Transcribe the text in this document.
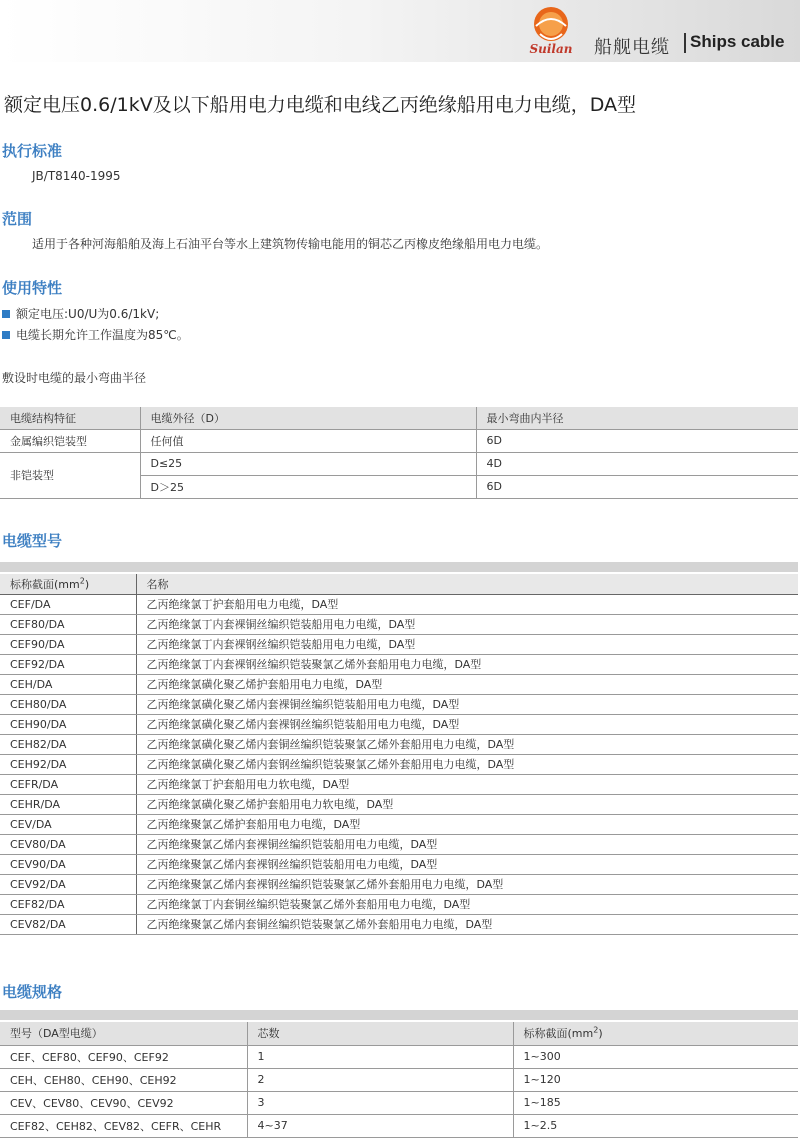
Suilan 船舰电缆 Ships cable
额定电压0.6/1kV及以下船用电力电缆和电线乙丙绝缘船用电力电缆，DA型
执行标准
JB/T8140-1995
范围
适用于各种河海船舶及海上石油平台等水上建筑物传输电能用的铜芯乙丙橡皮绝缘船用电力电缆。
使用特性
额定电压:U0/U为0.6/1kV;
电缆长期允许工作温度为85℃。
敷设时电缆的最小弯曲半径
电缆结构特征	电缆外径（D）	最小弯曲内半径
金属编织铠装型	任何值	6D
非铠装型	D≤25	4D
	D＞25	6D
电缆型号
标称截面$(mm^2)$	名称
CEF/DA	乙丙绝缘氯丁护套船用电力电缆，DA型
CEF80/DA	乙丙绝缘氯丁内套裸铜丝编织铠装船用电力电缆，DA型
CEF90/DA	乙丙绝缘氯丁内套裸钢丝编织铠装船用电力电缆，DA型
CEF92/DA	乙丙绝缘氯丁内套裸钢丝编织铠装聚氯乙烯外套船用电力电缆，DA型
CEH/DA	乙丙绝缘氯磺化聚乙烯护套船用电力电缆，DA型
CEH80/DA	乙丙绝缘氯磺化聚乙烯内套裸铜丝编织铠装船用电力电缆，DA型
CEH90/DA	乙丙绝缘氯磺化聚乙烯内套裸钢丝编织铠装船用电力电缆，DA型
CEH82/DA	乙丙绝缘氯磺化聚乙烯内套铜丝编织铠装聚氯乙烯外套船用电力电缆，DA型
CEH92/DA	乙丙绝缘氯磺化聚乙烯内套钢丝编织铠装聚氯乙烯外套船用电力电缆，DA型
CEFR/DA	乙丙绝缘氯丁护套船用电力软电缆，DA型
CEHR/DA	乙丙绝缘氯磺化聚乙烯护套船用电力软电缆，DA型
CEV/DA	乙丙绝缘聚氯乙烯护套船用电力电缆，DA型
CEV80/DA	乙丙绝缘聚氯乙烯内套裸铜丝编织铠装船用电力电缆，DA型
CEV90/DA	乙丙绝缘聚氯乙烯内套裸钢丝编织铠装船用电力电缆，DA型
CEV92/DA	乙丙绝缘聚氯乙烯内套裸钢丝编织铠装聚氯乙烯外套船用电力电缆，DA型
CEF82/DA	乙丙绝缘氯丁内套铜丝编织铠装聚氯乙烯外套船用电力电缆，DA型
CEV82/DA	乙丙绝缘聚氯乙烯内套铜丝编织铠装聚氯乙烯外套船用电力电缆，DA型
电缆规格
型号（DA型电缆）	芯数	标称截面$(mm^2)$
CEF、CEF80、CEF90、CEF92	1	1~300
CEH、CEH80、CEH90、CEH92	2	1~120
CEV、CEV80、CEV90、CEV92	3	1~185
CEF82、CEH82、CEV82、CEFR、CEHR	4~37	1~2.5
